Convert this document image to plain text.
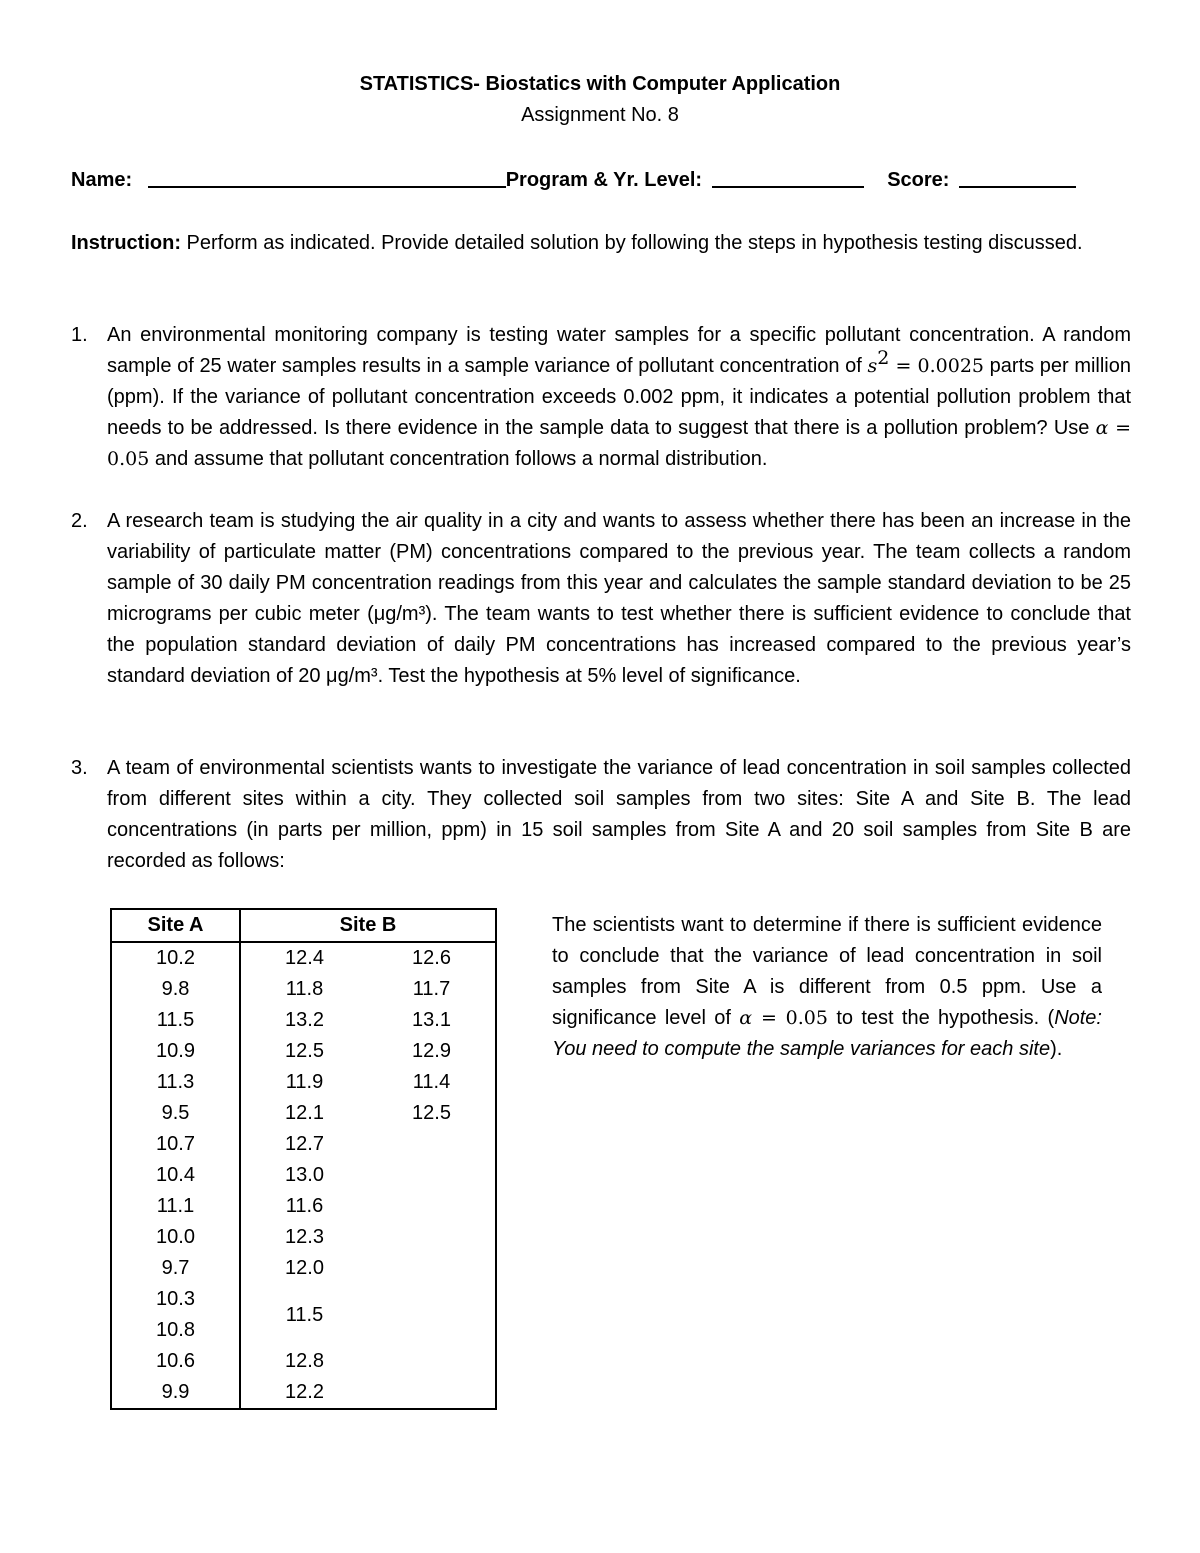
STATISTICS- Biostatics with Computer Application
Assignment No. 8
Name:	Program & Yr. Level:	Score:
Instruction: Perform as indicated. Provide detailed solution by following the steps in hypothesis testing discussed.
1. An environmental monitoring company is testing water samples for a specific pollutant concentration. A random sample of 25 water samples results in a sample variance of pollutant concentration of $s^2 = 0.0025$ parts per million (ppm). If the variance of pollutant concentration exceeds 0.002 ppm, it indicates a potential pollution problem that needs to be addressed. Is there evidence in the sample data to suggest that there is a pollution problem? Use α = 0.05 and assume that pollutant concentration follows a normal distribution.
2. A research team is studying the air quality in a city and wants to assess whether there has been an increase in the variability of particulate matter (PM) concentrations compared to the previous year. The team collects a random sample of 30 daily PM concentration readings from this year and calculates the sample standard deviation to be 25 micrograms per cubic meter (μg/m³). The team wants to test whether there is sufficient evidence to conclude that the population standard deviation of daily PM concentrations has increased compared to the previous year’s standard deviation of 20 μg/m³. Test the hypothesis at 5% level of significance.
3. A team of environmental scientists wants to investigate the variance of lead concentration in soil samples collected from different sites within a city. They collected soil samples from two sites: Site A and Site B. The lead concentrations (in parts per million, ppm) in 15 soil samples from Site A and 20 soil samples from Site B are recorded as follows:
Site A	Site B	
10.2	12.4	12.6
9.8	11.8	11.7
11.5	13.2	13.1
10.9	12.5	12.9
11.3	11.9	11.4
9.5	12.1	12.5
10.7	12.7	
10.4	13.0	
11.1	11.6	
10.0	12.3	
9.7	12.0	
10.3	11.5	
10.8		
10.6	12.8	
9.9	12.2	
The scientists want to determine if there is sufficient evidence to conclude that the variance of lead concentration in soil samples from Site A is different from 0.5 ppm. Use a significance level of α = 0.05 to test the hypothesis. (Note: You need to compute the sample variances for each site).
